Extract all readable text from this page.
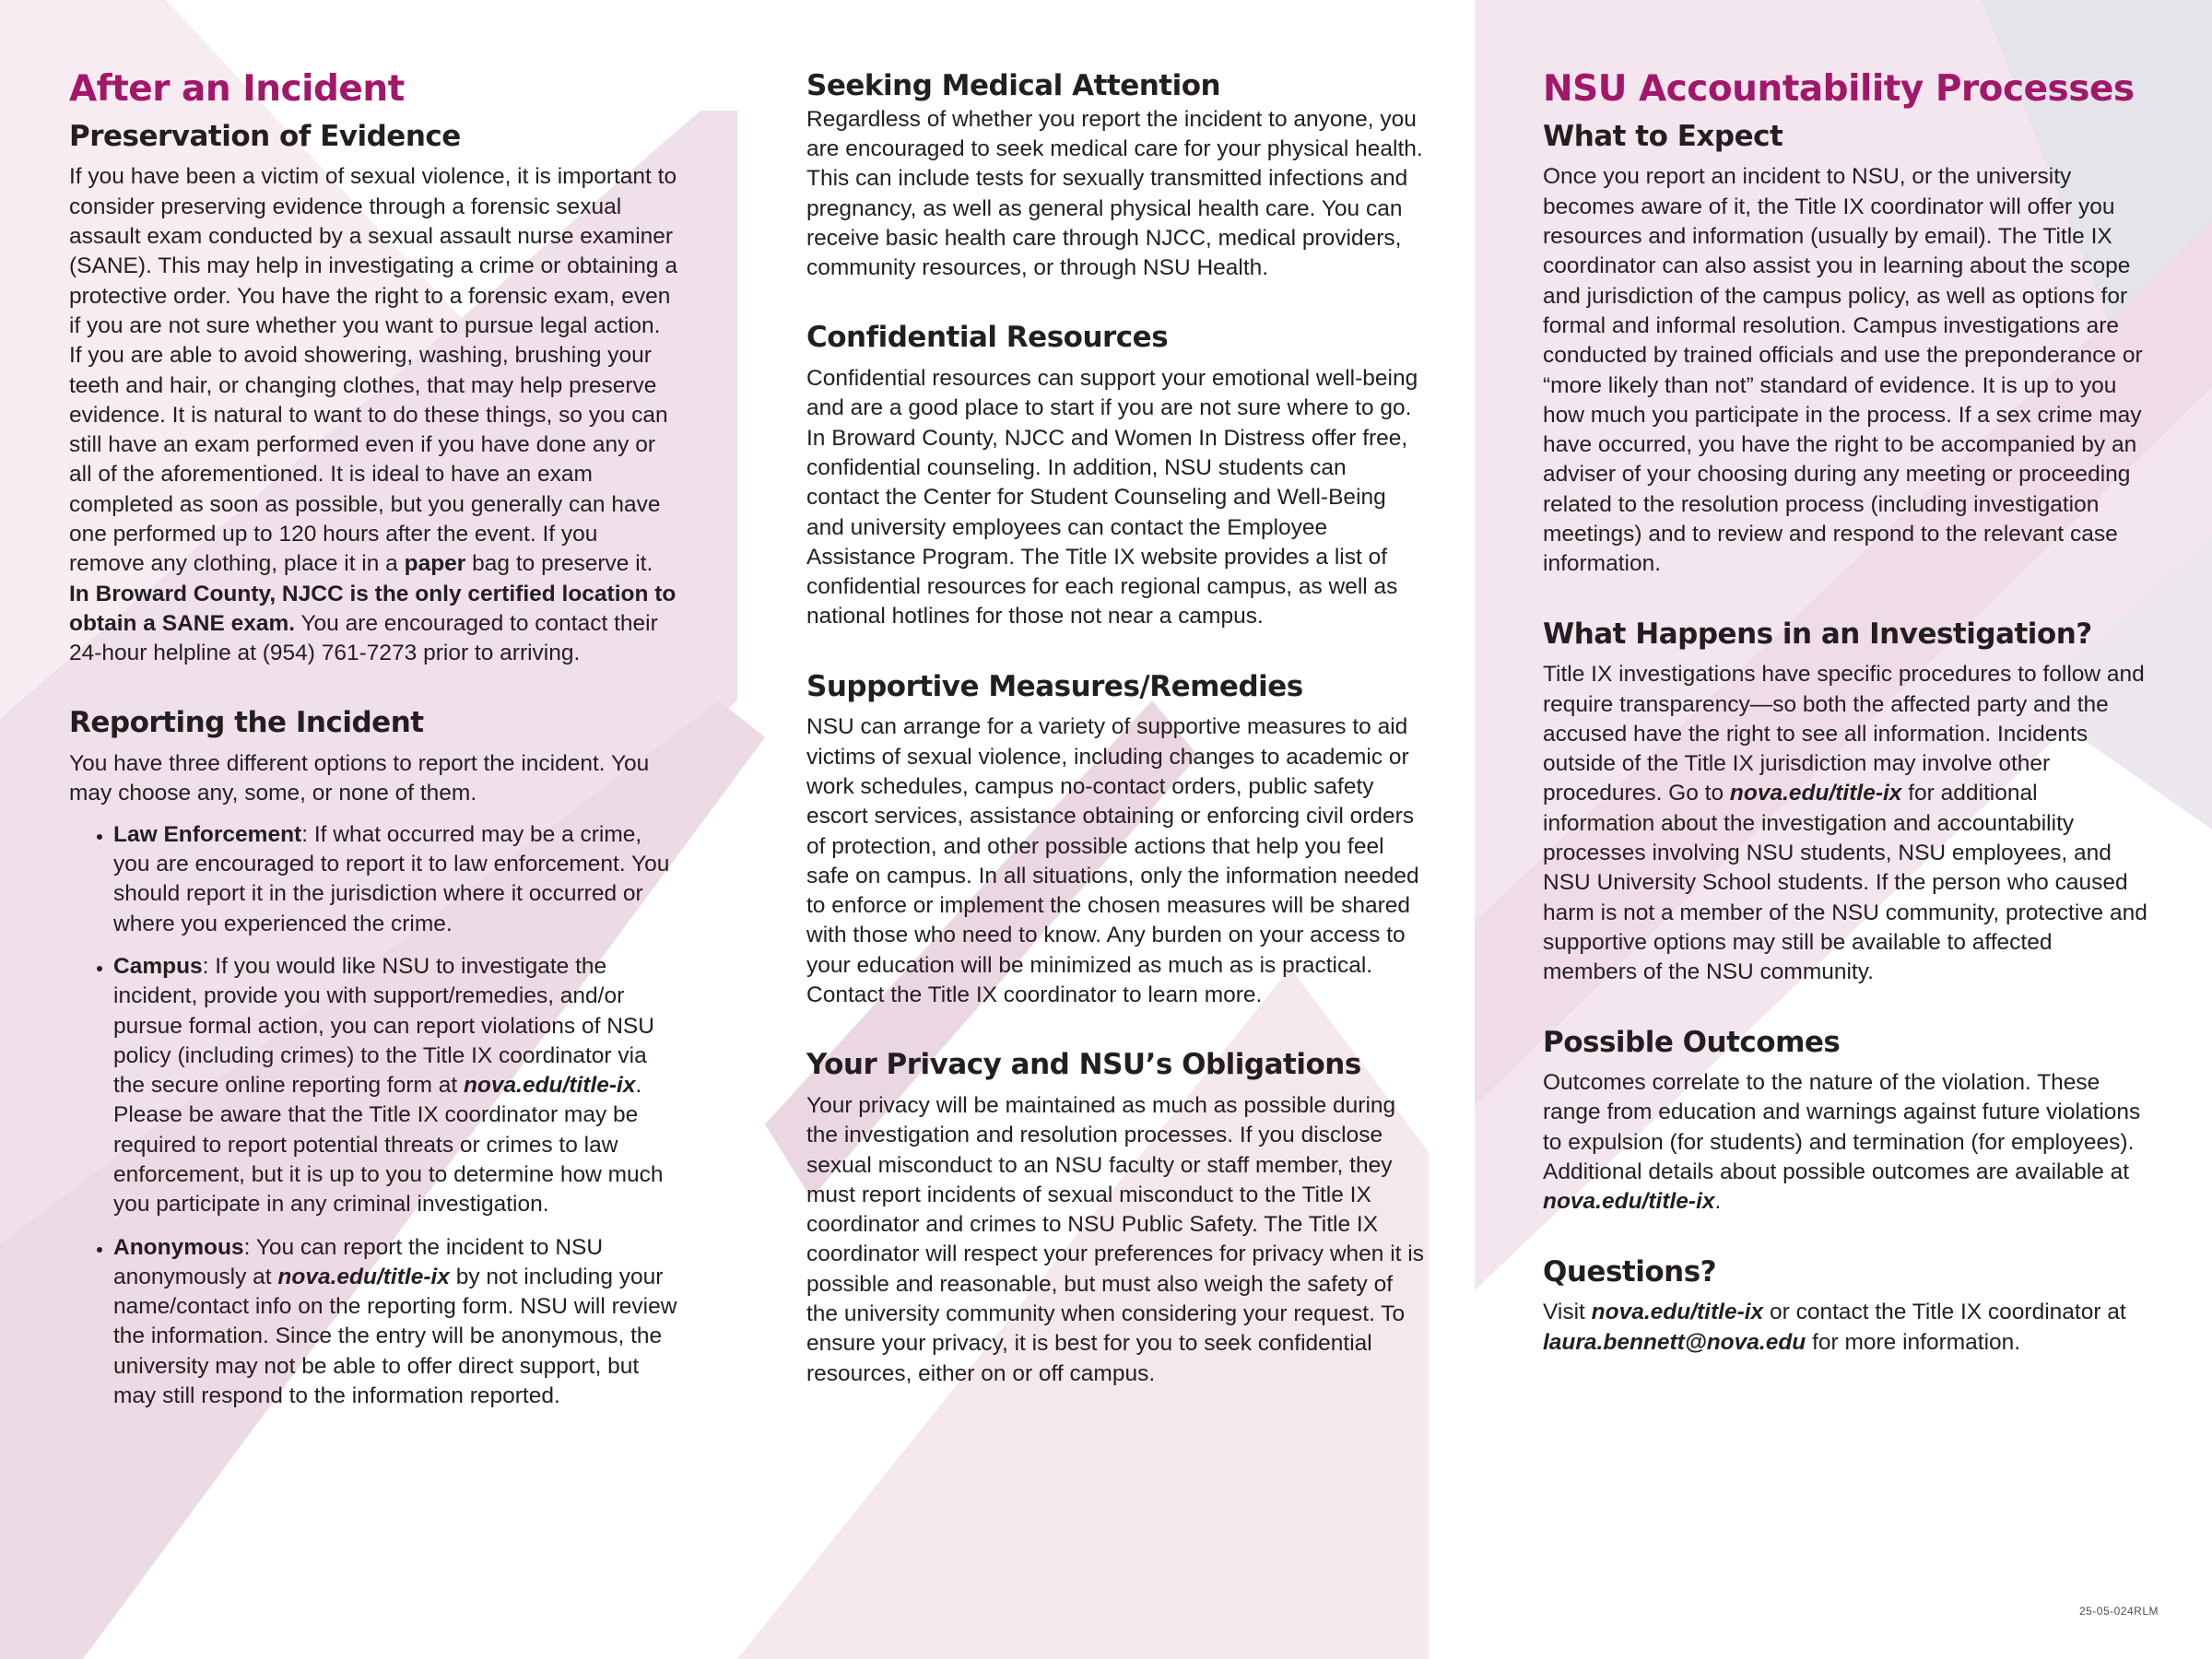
After an Incident
Preservation of Evidence

If you have been a victim of sexual violence, it is important to consider preserving evidence through a forensic sexual assault exam conducted by a sexual assault nurse examiner (SANE). This may help in investigating a crime or obtaining a protective order. You have the right to a forensic exam, even if you are not sure whether you want to pursue legal action. If you are able to avoid showering, washing, brushing your teeth and hair, or changing clothes, that may help preserve evidence. It is natural to want to do these things, so you can still have an exam performed even if you have done any or all of the aforementioned. It is ideal to have an exam completed as soon as possible, but you generally can have one performed up to 120 hours after the event. If you remove any clothing, place it in a paper bag to preserve it. In Broward County, NJCC is the only certified location to obtain a SANE exam. You are encouraged to contact their 24-hour helpline at (954) 761-7273 prior to arriving.

Reporting the Incident

You have three different options to report the incident. You may choose any, some, or none of them.

• Law Enforcement: If what occurred may be a crime, you are encouraged to report it to law enforcement. You should report it in the jurisdiction where it occurred or where you experienced the crime.
• Campus: If you would like NSU to investigate the incident, provide you with support/remedies, and/or pursue formal action, you can report violations of NSU policy (including crimes) to the Title IX coordinator via the secure online reporting form at nova.edu/title-ix. Please be aware that the Title IX coordinator may be required to report potential threats or crimes to law enforcement, but it is up to you to determine how much you participate in any criminal investigation.
• Anonymous: You can report the incident to NSU anonymously at nova.edu/title-ix by not including your name/contact info on the reporting form. NSU will review the information. Since the entry will be anonymous, the university may not be able to offer direct support, but may still respond to the information reported.
Seeking Medical Attention

Regardless of whether you report the incident to anyone, you are encouraged to seek medical care for your physical health. This can include tests for sexually transmitted infections and pregnancy, as well as general physical health care. You can receive basic health care through NJCC, medical providers, community resources, or through NSU Health.

Confidential Resources

Confidential resources can support your emotional well-being and are a good place to start if you are not sure where to go. In Broward County, NJCC and Women In Distress offer free, confidential counseling. In addition, NSU students can contact the Center for Student Counseling and Well-Being and university employees can contact the Employee Assistance Program. The Title IX website provides a list of confidential resources for each regional campus, as well as national hotlines for those not near a campus.

Supportive Measures/Remedies

NSU can arrange for a variety of supportive measures to aid victims of sexual violence, including changes to academic or work schedules, campus no-contact orders, public safety escort services, assistance obtaining or enforcing civil orders of protection, and other possible actions that help you feel safe on campus. In all situations, only the information needed to enforce or implement the chosen measures will be shared with those who need to know. Any burden on your access to your education will be minimized as much as is practical. Contact the Title IX coordinator to learn more.

Your Privacy and NSU’s Obligations

Your privacy will be maintained as much as possible during the investigation and resolution processes. If you disclose sexual misconduct to an NSU faculty or staff member, they must report incidents of sexual misconduct to the Title IX coordinator and crimes to NSU Public Safety. The Title IX coordinator will respect your preferences for privacy when it is possible and reasonable, but must also weigh the safety of the university community when considering your request. To ensure your privacy, it is best for you to seek confidential resources, either on or off campus.

NSU Accountability Processes
What to Expect

Once you report an incident to NSU, or the university becomes aware of it, the Title IX coordinator will offer you resources and information (usually by email). The Title IX coordinator can also assist you in learning about the scope and jurisdiction of the campus policy, as well as options for formal and informal resolution. Campus investigations are conducted by trained officials and use the preponderance or “more likely than not” standard of evidence. It is up to you how much you participate in the process. If a sex crime may have occurred, you have the right to be accompanied by an adviser of your choosing during any meeting or proceeding related to the resolution process (including investigation meetings) and to review and respond to the relevant case information.

What Happens in an Investigation?

Title IX investigations have specific procedures to follow and require transparency—so both the affected party and the accused have the right to see all information. Incidents outside of the Title IX jurisdiction may involve other procedures. Go to nova.edu/title-ix for additional information about the investigation and accountability processes involving NSU students, NSU employees, and NSU University School students. If the person who caused harm is not a member of the NSU community, protective and supportive options may still be available to affected members of the NSU community.

Possible Outcomes

Outcomes correlate to the nature of the violation. These range from education and warnings against future violations to expulsion (for students) and termination (for employees). Additional details about possible outcomes are available at nova.edu/title-ix.

Questions?

Visit nova.edu/title-ix or contact the Title IX coordinator at laura.bennett@nova.edu for more information.

25-05-024RLM
